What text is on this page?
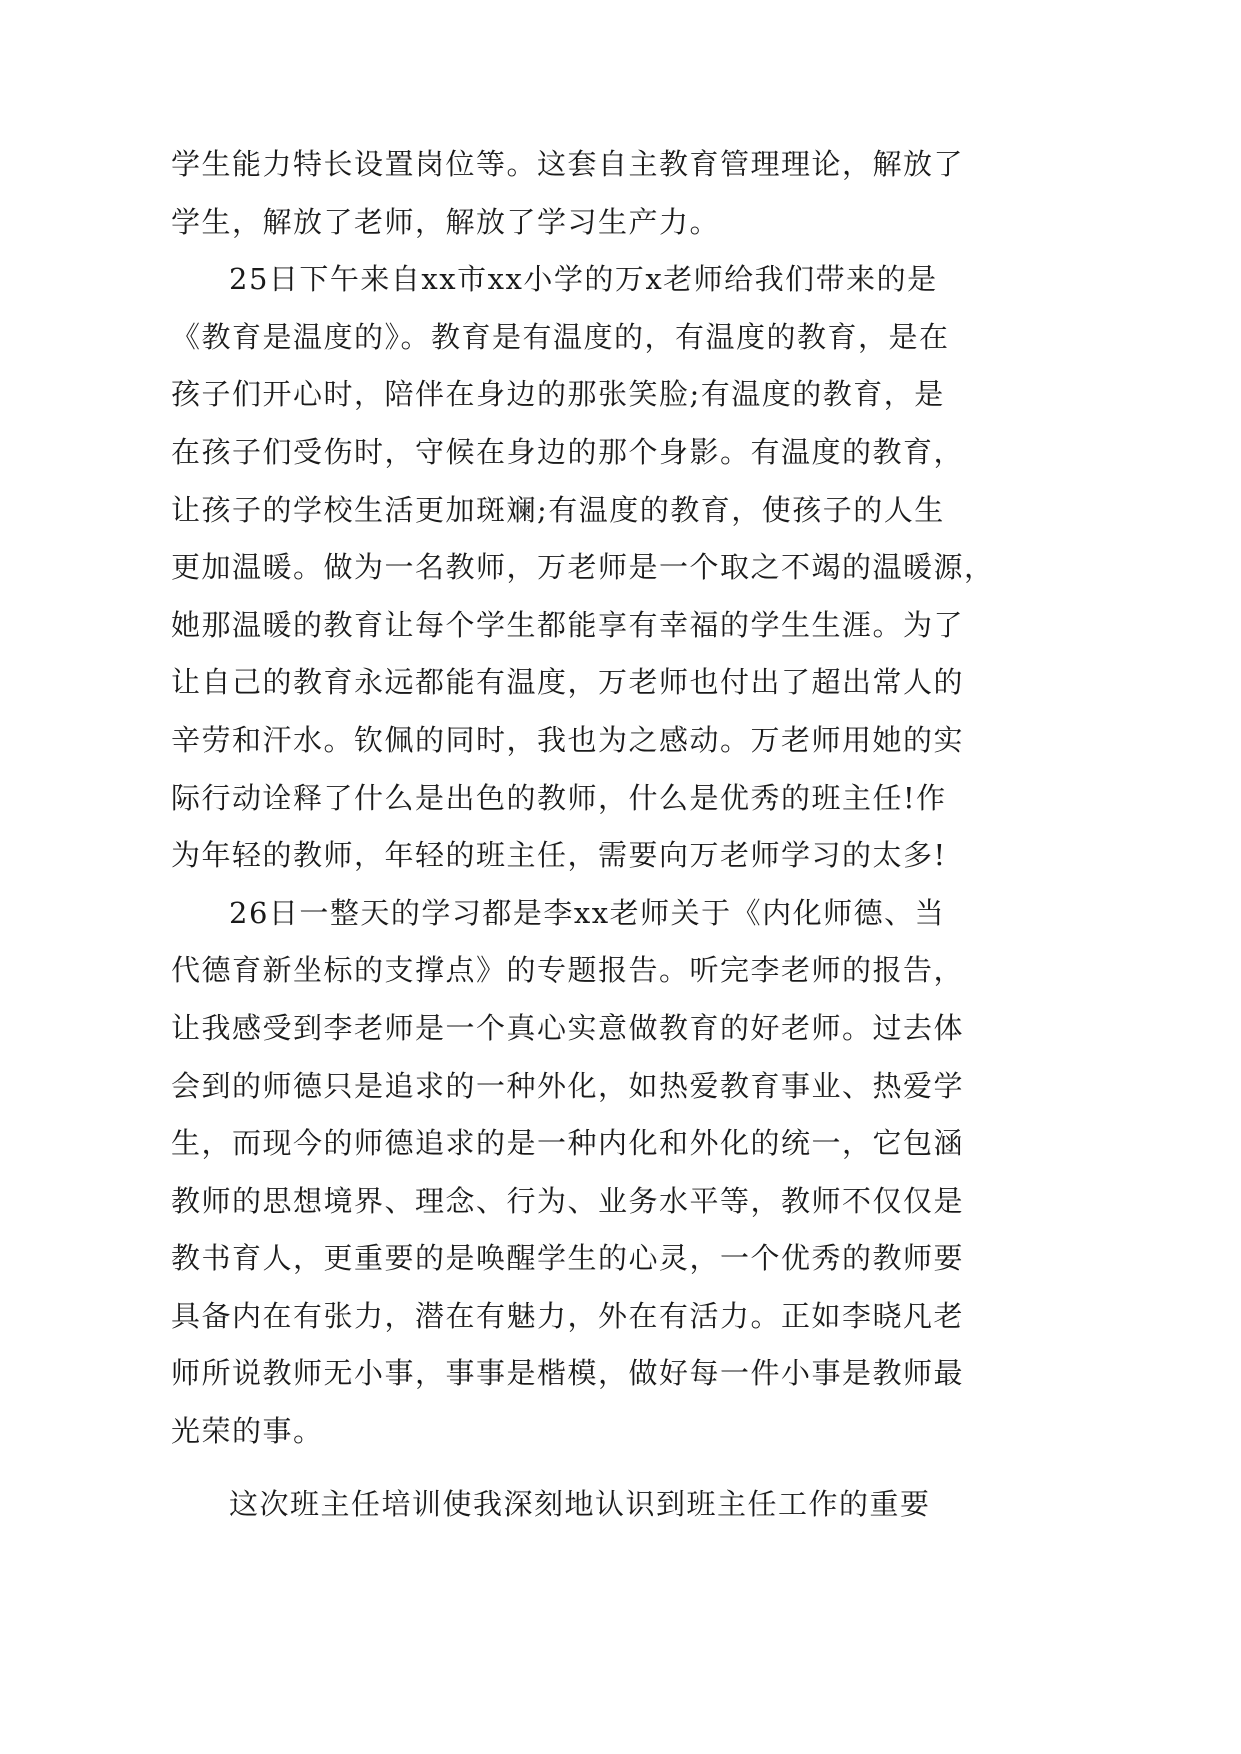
学生能力特长设置岗位等。这套自主教育管理理论，解放了
学生，解放了老师，解放了学习生产力。
25日下午来自xx市xx小学的万x老师给我们带来的是
《教育是温度的》。教育是有温度的，有温度的教育，是在
孩子们开心时，陪伴在身边的那张笑脸;有温度的教育，是
在孩子们受伤时，守候在身边的那个身影。有温度的教育，
让孩子的学校生活更加斑斓;有温度的教育，使孩子的人生
更加温暖。做为一名教师，万老师是一个取之不竭的温暖源，
她那温暖的教育让每个学生都能享有幸福的学生生涯。为了
让自己的教育永远都能有温度，万老师也付出了超出常人的
辛劳和汗水。钦佩的同时，我也为之感动。万老师用她的实
际行动诠释了什么是出色的教师，什么是优秀的班主任!作
为年轻的教师，年轻的班主任，需要向万老师学习的太多!
26日一整天的学习都是李xx老师关于《内化师德、当
代德育新坐标的支撑点》的专题报告。听完李老师的报告，
让我感受到李老师是一个真心实意做教育的好老师。过去体
会到的师德只是追求的一种外化，如热爱教育事业、热爱学
生，而现今的师德追求的是一种内化和外化的统一，它包涵
教师的思想境界、理念、行为、业务水平等，教师不仅仅是
教书育人，更重要的是唤醒学生的心灵，一个优秀的教师要
具备内在有张力，潜在有魅力，外在有活力。正如李晓凡老
师所说教师无小事，事事是楷模，做好每一件小事是教师最
光荣的事。
这次班主任培训使我深刻地认识到班主任工作的重要
